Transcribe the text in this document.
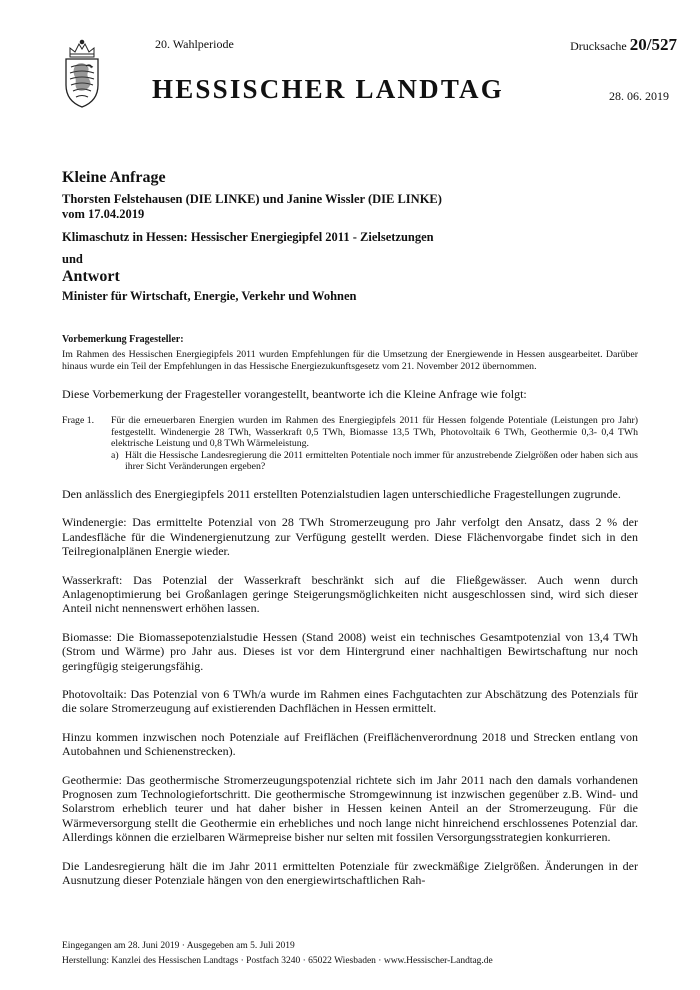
20. Wahlperiode
HESSISCHER LANDTAG
Drucksache 20/527
28. 06. 2019
Kleine Anfrage
Thorsten Felstehausen (DIE LINKE) und Janine Wissler (DIE LINKE)
vom 17.04.2019
Klimaschutz in Hessen: Hessischer Energiegipfel 2011 - Zielsetzungen
und
Antwort
Minister für Wirtschaft, Energie, Verkehr und Wohnen

Vorbemerkung Fragesteller:

Im Rahmen des Hessischen Energiegipfels 2011 wurden Empfehlungen für die Umsetzung der Energiewende in Hessen ausgearbeitet. Darüber hinaus wurde ein Teil der Empfehlungen in das Hessische Energiezukunftsgesetz vom 21. November 2012 übernommen.

Diese Vorbemerkung der Fragesteller vorangestellt, beantworte ich die Kleine Anfrage wie folgt:

Frage 1.	Für die erneuerbaren Energien wurden im Rahmen des Energiegipfels 2011 für Hessen folgende Potentiale (Leistungen pro Jahr) festgestellt. Windenergie 28 TWh, Wasserkraft 0,5 TWh, Biomasse 13,5 TWh, Photovoltaik 6 TWh, Geothermie 0,3- 0,4 TWh elektrische Leistung und 0,8 TWh Wärmeleistung.
a) Hält die Hessische Landesregierung die 2011 ermittelten Potentiale noch immer für anzustrebende Zielgrößen oder haben sich aus ihrer Sicht Veränderungen ergeben?

Den anlässlich des Energiegipfels 2011 erstellten Potenzialstudien lagen unterschiedliche Fragestellungen zugrunde.

Windenergie: Das ermittelte Potenzial von 28 TWh Stromerzeugung pro Jahr verfolgt den Ansatz, dass 2 % der Landesfläche für die Windenergienutzung zur Verfügung gestellt werden. Diese Flächenvorgabe findet sich in den Teilregionalplänen Energie wieder.

Wasserkraft: Das Potenzial der Wasserkraft beschränkt sich auf die Fließgewässer. Auch wenn durch Anlagenoptimierung bei Großanlagen geringe Steigerungsmöglichkeiten nicht ausgeschlossen sind, wird sich dieser Anteil nicht nennenswert erhöhen lassen.

Biomasse: Die Biomassepotenzialstudie Hessen (Stand 2008) weist ein technisches Gesamtpotenzial von 13,4 TWh (Strom und Wärme) pro Jahr aus. Dieses ist vor dem Hintergrund einer nachhaltigen Bewirtschaftung nur noch geringfügig steigerungsfähig.

Photovoltaik: Das Potenzial von 6 TWh/a wurde im Rahmen eines Fachgutachten zur Abschätzung des Potenzials für die solare Stromerzeugung auf existierenden Dachflächen in Hessen ermittelt.

Hinzu kommen inzwischen noch Potenziale auf Freiflächen (Freiflächenverordnung 2018 und Strecken entlang von Autobahnen und Schienenstrecken).

Geothermie: Das geothermische Stromerzeugungspotenzial richtete sich im Jahr 2011 nach den damals vorhandenen Prognosen zum Technologiefortschritt. Die geothermische Stromgewinnung ist inzwischen gegenüber z.B. Wind- und Solarstrom erheblich teurer und hat daher bisher in Hessen keinen Anteil an der Stromerzeugung. Für die Wärmeversorgung stellt die Geothermie ein erhebliches und noch lange nicht hinreichend erschlossenes Potenzial dar. Allerdings können die erzielbaren Wärmepreise bisher nur selten mit fossilen Versorgungsstrategien konkurrieren.

Die Landesregierung hält die im Jahr 2011 ermittelten Potenziale für zweckmäßige Zielgrößen. Änderungen in der Ausnutzung dieser Potenziale hängen von den energiewirtschaftlichen Rah-

Eingegangen am 28. Juni 2019 · Ausgegeben am 5. Juli 2019
Herstellung: Kanzlei des Hessischen Landtags · Postfach 3240 · 65022 Wiesbaden · www.Hessischer-Landtag.de
